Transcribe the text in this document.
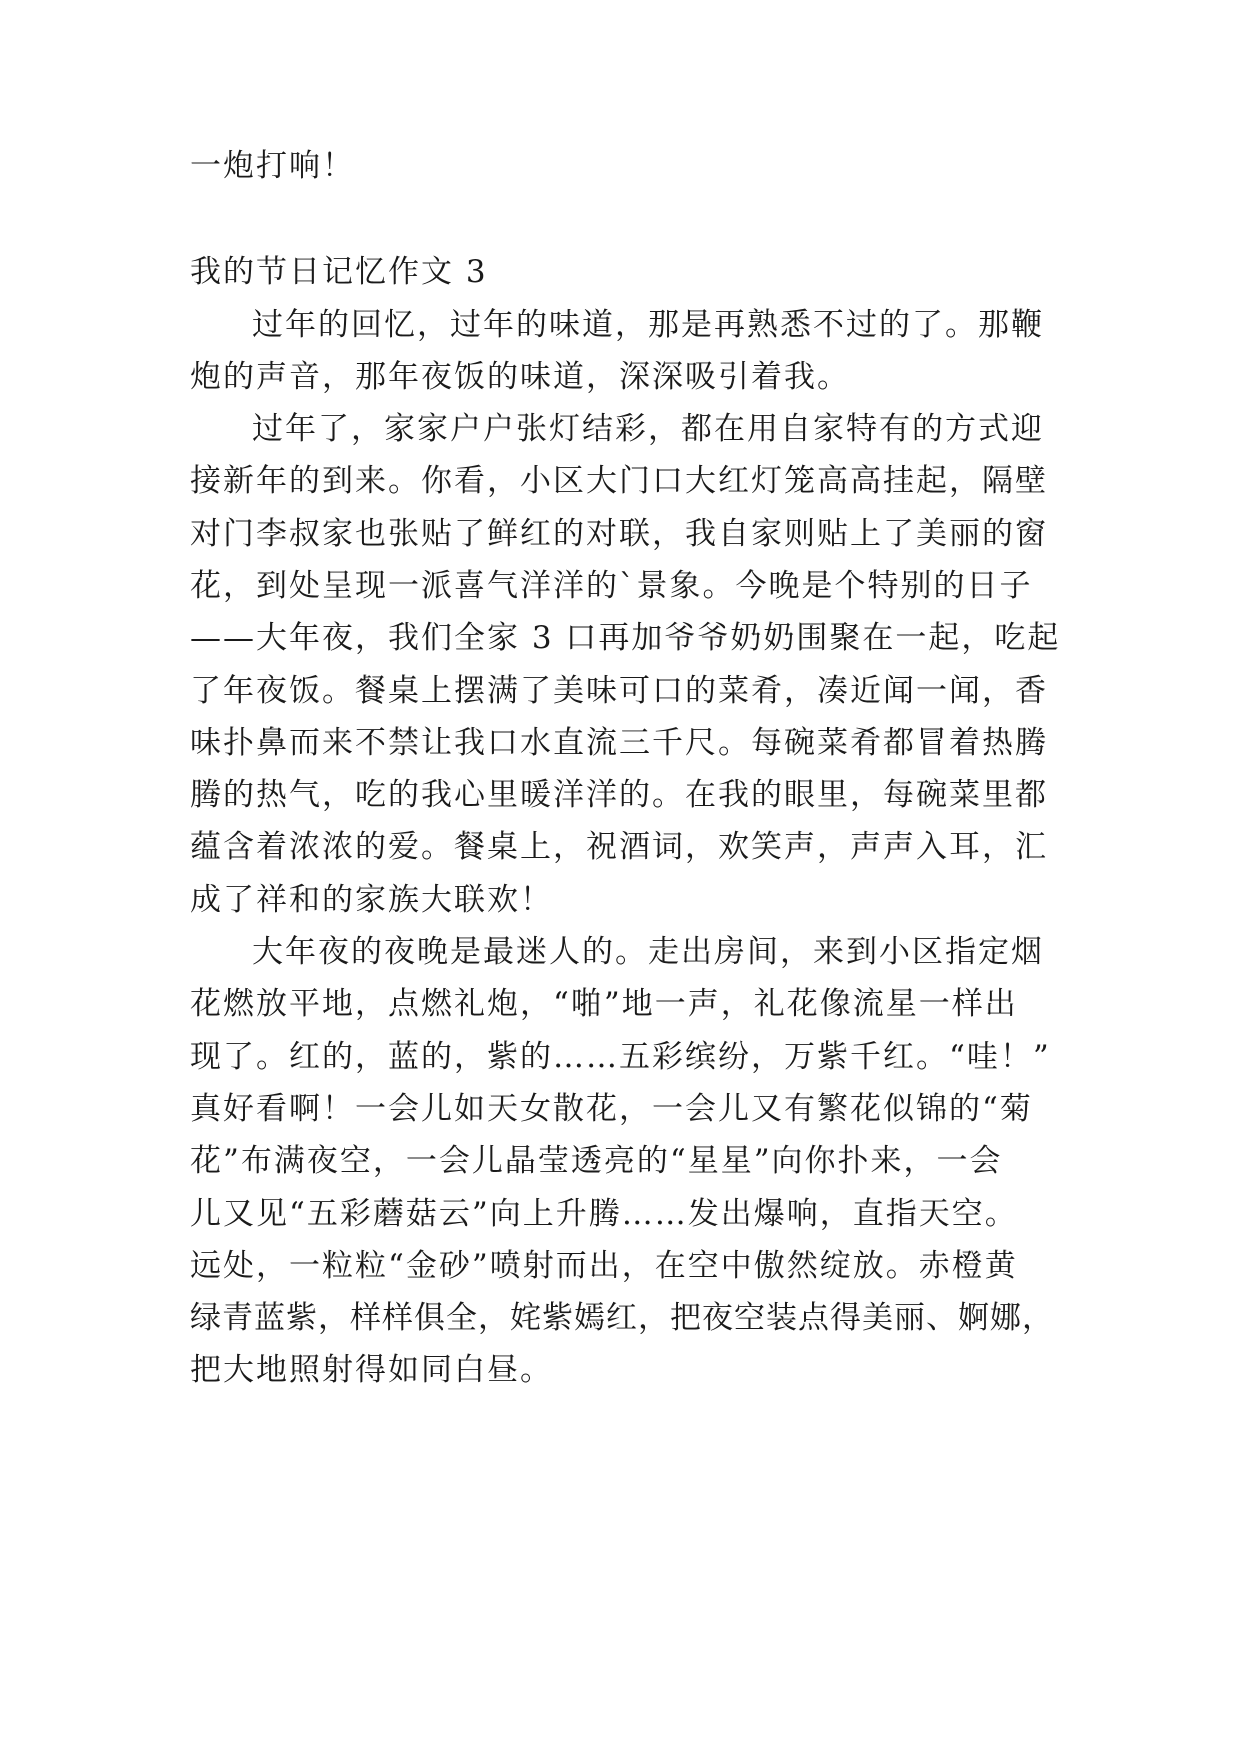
一炮打响！
我的节日记忆作文 3
过年的回忆，过年的味道，那是再熟悉不过的了。那鞭
炮的声音，那年夜饭的味道，深深吸引着我。
过年了，家家户户张灯结彩，都在用自家特有的方式迎
接新年的到来。你看，小区大门口大红灯笼高高挂起，隔壁
对门李叔家也张贴了鲜红的对联，我自家则贴上了美丽的窗
花，到处呈现一派喜气洋洋的`景象。今晚是个特别的日子
——大年夜，我们全家 3 口再加爷爷奶奶围聚在一起，吃起
了年夜饭。餐桌上摆满了美味可口的菜肴，凑近闻一闻，香
味扑鼻而来不禁让我口水直流三千尺。每碗菜肴都冒着热腾
腾的热气，吃的我心里暖洋洋的。在我的眼里，每碗菜里都
蕴含着浓浓的爱。餐桌上，祝酒词，欢笑声，声声入耳，汇
成了祥和的家族大联欢！
大年夜的夜晚是最迷人的。走出房间，来到小区指定烟
花燃放平地，点燃礼炮，“啪”地一声，礼花像流星一样出
现了。红的，蓝的，紫的……五彩缤纷，万紫千红。“哇！”
真好看啊！一会儿如天女散花，一会儿又有繁花似锦的“菊
花”布满夜空，一会儿晶莹透亮的“星星”向你扑来，一会
儿又见“五彩蘑菇云”向上升腾……发出爆响，直指天空。
远处，一粒粒“金砂”喷射而出，在空中傲然绽放。赤橙黄
绿青蓝紫，样样俱全，姹紫嫣红，把夜空装点得美丽、婀娜，
把大地照射得如同白昼。
